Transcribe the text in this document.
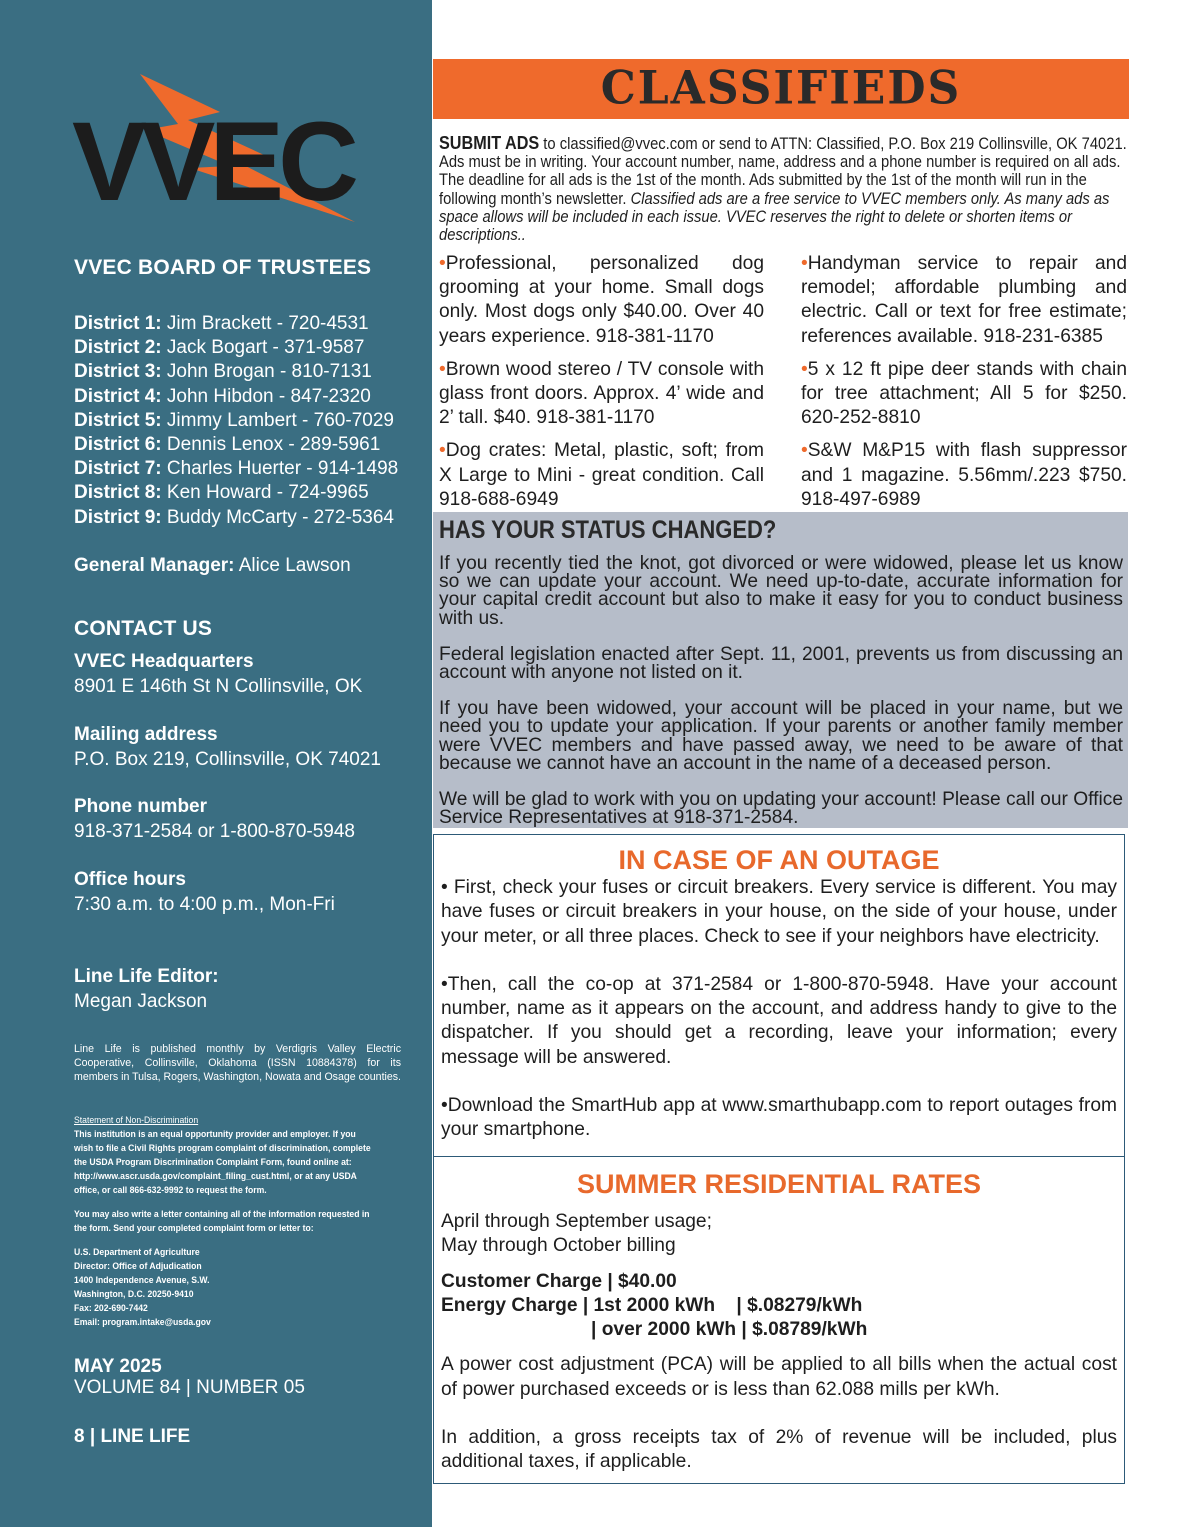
VVEC
VVEC BOARD OF TRUSTEES
District 1: Jim Brackett - 720-4531
District 2: Jack Bogart - 371-9587
District 3: John Brogan - 810-7131
District 4: John Hibdon - 847-2320
District 5: Jimmy Lambert - 760-7029
District 6: Dennis Lenox - 289-5961
District 7: Charles Huerter - 914-1498
District 8: Ken Howard - 724-9965
District 9: Buddy McCarty - 272-5364
General Manager: Alice Lawson
CONTACT US
VVEC Headquarters
8901 E 146th St N Collinsville, OK
Mailing address
P.O. Box 219, Collinsville, OK 74021
Phone number
918-371-2584 or 1-800-870-5948
Office hours
7:30 a.m. to 4:00 p.m., Mon-Fri
Line Life Editor:
Megan Jackson
Line Life is published monthly by Verdigris Valley Electric Cooperative, Collinsville, Oklahoma (ISSN 10884378) for its members in Tulsa, Rogers, Washington, Nowata and Osage counties.
Statement of Non-Discrimination

This institution is an equal opportunity provider and employer. If you wish to file a Civil Rights program complaint of discrimination, complete the USDA Program Discrimination Complaint Form, found online at: http://www.ascr.usda.gov/complaint_filing_cust.html, or at any USDA office, or call 866-632-9992 to request the form.

You may also write a letter containing all of the information requested in the form. Send your completed complaint form or letter to:

U.S. Department of Agriculture
Director: Office of Adjudication
1400 Independence Avenue, S.W.
Washington, D.C. 20250-9410
Fax: 202-690-7442
Email: program.intake@usda.gov
MAY 2025
VOLUME 84 | NUMBER 05
8 | LINE LIFE
CLASSIFIEDS
SUBMIT ADS to classified@vvec.com or send to ATTN: Classified, P.O. Box 219 Collinsville, OK 74021. Ads must be in writing. Your account number, name, address and a phone number is required on all ads. The deadline for all ads is the 1st of the month. Ads submitted by the 1st of the month will run in the following month’s newsletter. Classified ads are a free service to VVEC members only. As many ads as space allows will be included in each issue. VVEC reserves the right to delete or shorten items or descriptions..
•Professional, personalized dog grooming at your home. Small dogs only. Most dogs only $40.00. Over 40 years experience. 918-381-1170
•Brown wood stereo / TV console with glass front doors. Approx. 4’ wide and 2’ tall. $40. 918-381-1170
•Dog crates: Metal, plastic, soft; from X Large to Mini - great condition. Call 918-688-6949
•Handyman service to repair and remodel; affordable plumbing and electric. Call or text for free estimate; references available. 918-231-6385
•5 x 12 ft pipe deer stands with chain for tree attachment; All 5 for $250. 620-252-8810
•S&W M&P15 with flash suppressor and 1 magazine. 5.56mm/.223 $750. 918-497-6989
HAS YOUR STATUS CHANGED?

If you recently tied the knot, got divorced or were widowed, please let us know so we can update your account. We need up-to-date, accurate information for your capital credit account but also to make it easy for you to conduct business with us.

Federal legislation enacted after Sept. 11, 2001, prevents us from discussing an account with anyone not listed on it.

If you have been widowed, your account will be placed in your name, but we need you to update your application. If your parents or another family member were VVEC members and have passed away, we need to be aware of that because we cannot have an account in the name of a deceased person.

We will be glad to work with you on updating your account! Please call our Office Service Representatives at 918-371-2584.

IN CASE OF AN OUTAGE

• First, check your fuses or circuit breakers. Every service is different. You may have fuses or circuit breakers in your house, on the side of your house, under your meter, or all three places. Check to see if your neighbors have electricity.

•Then, call the co-op at 371-2584 or 1-800-870-5948. Have your account number, name as it appears on the account, and address handy to give to the dispatcher. If you should get a recording, leave your information; every message will be answered.

•Download the SmartHub app at www.smarthubapp.com to report outages from your smartphone.

SUMMER RESIDENTIAL RATES
April through September usage;
May through October billing
Customer Charge | $40.00
Energy Charge | 1st 2000 kWh    | $.08279/kWh
| over 2000 kWh | $.08789/kWh

A power cost adjustment (PCA) will be applied to all bills when the actual cost of power purchased exceeds or is less than 62.088 mills per kWh.

In addition, a gross receipts tax of 2% of revenue will be included, plus additional taxes, if applicable.
